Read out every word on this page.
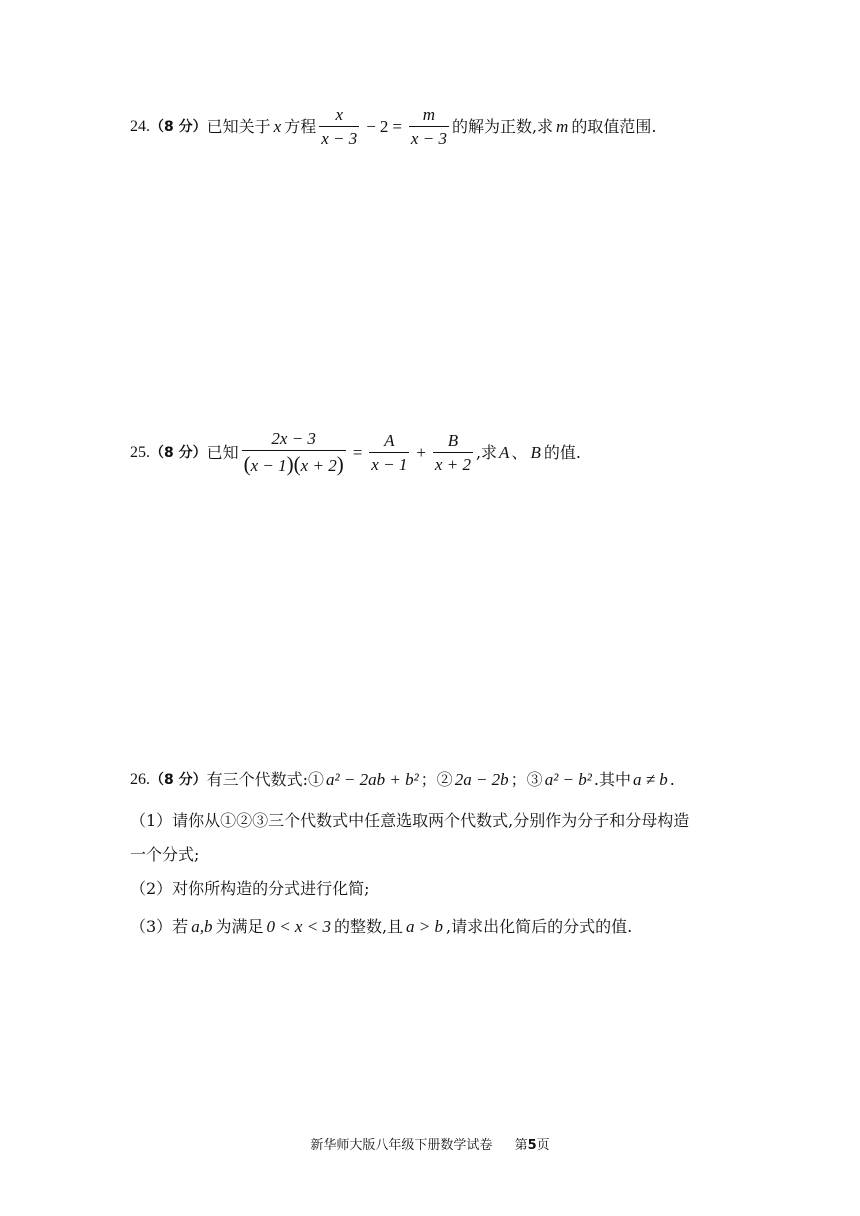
24. （8 分） 已知关于 x 方程 $\frac{x}{x - 3} - 2 = \frac{m}{x - 3}$ 的解为正数,求 m 的取值范围.
25. （8 分） 已知 $\frac{2x - 3}{(x - 1)(x + 2)} = \frac{A}{x - 1} + \frac{B}{x + 2}$ ,求 A 、 B 的值.
26. （8 分） 有三个代数式:① a² − 2ab + b² ；② 2a − 2b ；③ a² − b² .其中 a ≠ b .
（1）请你从①②③三个代数式中任意选取两个代数式,分别作为分子和分母构造
一个分式;
（2）对你所构造的分式进行化简;
（3）若 a,b 为满足 0 < x < 3 的整数,且 a > b ,请求出化简后的分式的值.
新华师大版八年级下册数学试卷 第5页
